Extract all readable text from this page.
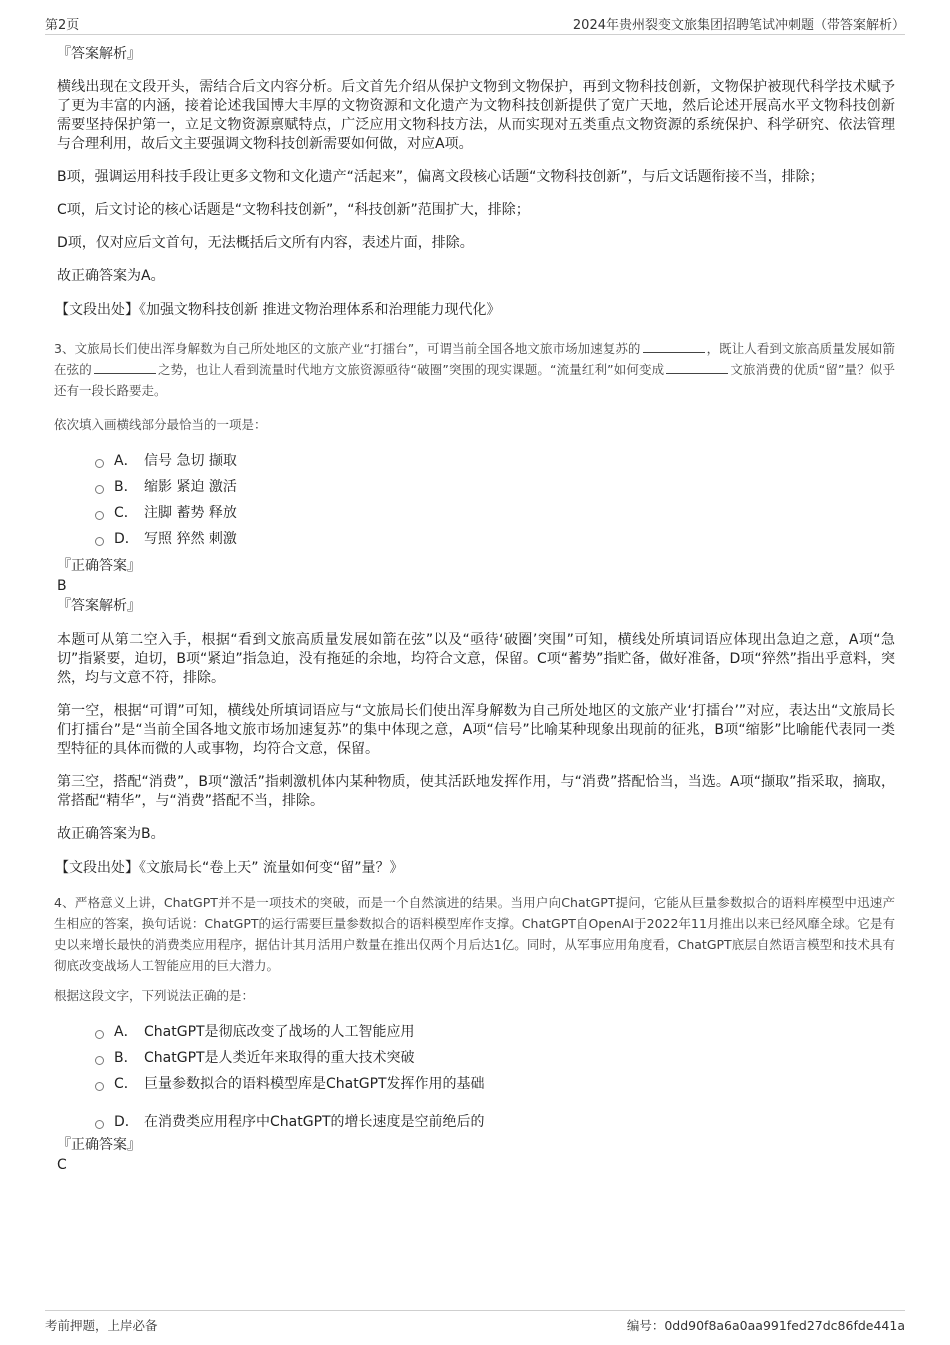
第2页	2024年贵州裂变文旅集团招聘笔试冲刺题（带答案解析）
『答案解析』

横线出现在文段开头，需结合后文内容分析。后文首先介绍从保护文物到文物保护，再到文物科技创新，文物保护被现代科学技术赋予了更为丰富的内涵，接着论述我国博大丰厚的文物资源和文化遗产为文物科技创新提供了宽广天地，然后论述开展高水平文物科技创新需要坚持保护第一，立足文物资源禀赋特点，广泛应用文物科技方法，从而实现对五类重点文物资源的系统保护、科学研究、依法管理与合理利用，故后文主要强调文物科技创新需要如何做，对应A项。

B项，强调运用科技手段让更多文物和文化遗产“活起来”，偏离文段核心话题“文物科技创新”，与后文话题衔接不当，排除；

C项，后文讨论的核心话题是“文物科技创新”，“科技创新”范围扩大，排除；

D项，仅对应后文首句，无法概括后文所有内容，表述片面，排除。

故正确答案为A。

【文段出处】《加强文物科技创新 推进文物治理体系和治理能力现代化》
3、文旅局长们使出浑身解数为自己所处地区的文旅产业“打擂台”，可谓当前全国各地文旅市场加速复苏的	，既让人看到文旅高质量发展如箭在弦的	之势，也让人看到流量时代地方文旅资源亟待“破圈”突围的现实课题。“流量红利”如何变成	文旅消费的优质“留”量？似乎还有一段长路要走。
依次填入画横线部分最恰当的一项是：
A． 信号 急切 撷取
B． 缩影 紧迫 激活
C． 注脚 蓄势 释放
D． 写照 猝然 刺激
『正确答案』
B
『答案解析』

本题可从第二空入手，根据“看到文旅高质量发展如箭在弦”以及“亟待‘破圈’突围”可知，横线处所填词语应体现出急迫之意，A项“急切”指紧要，迫切，B项“紧迫”指急迫，没有拖延的余地，均符合文意，保留。C项“蓄势”指贮备，做好准备，D项“猝然”指出乎意料，突然，均与文意不符，排除。

第一空，根据“可谓”可知，横线处所填词语应与“文旅局长们使出浑身解数为自己所处地区的文旅产业‘打擂台’”对应，表达出“文旅局长们打擂台”是“当前全国各地文旅市场加速复苏”的集中体现之意，A项“信号”比喻某种现象出现前的征兆，B项“缩影”比喻能代表同一类型特征的具体而微的人或事物，均符合文意，保留。

第三空，搭配“消费”，B项“激活”指刺激机体内某种物质，使其活跃地发挥作用，与“消费”搭配恰当，当选。A项“撷取”指采取，摘取，常搭配“精华”，与“消费”搭配不当，排除。

故正确答案为B。

【文段出处】《文旅局长“卷上天” 流量如何变“留”量？》
4、严格意义上讲，ChatGPT并不是一项技术的突破，而是一个自然演进的结果。当用户向ChatGPT提问，它能从巨量参数拟合的语料库模型中迅速产生相应的答案，换句话说：ChatGPT的运行需要巨量参数拟合的语料模型库作支撑。ChatGPT自OpenAI于2022年11月推出以来已经风靡全球。它是有史以来增长最快的消费类应用程序，据估计其月活用户数量在推出仅两个月后达1亿。同时，从军事应用角度看，ChatGPT底层自然语言模型和技术具有彻底改变战场人工智能应用的巨大潜力。
根据这段文字，下列说法正确的是：
A． ChatGPT是彻底改变了战场的人工智能应用
B． ChatGPT是人类近年来取得的重大技术突破
C． 巨量参数拟合的语料模型库是ChatGPT发挥作用的基础
D． 在消费类应用程序中ChatGPT的增长速度是空前绝后的
『正确答案』
C
考前押题，上岸必备	编号：0dd90f8a6a0aa991fed27dc86fde441a
